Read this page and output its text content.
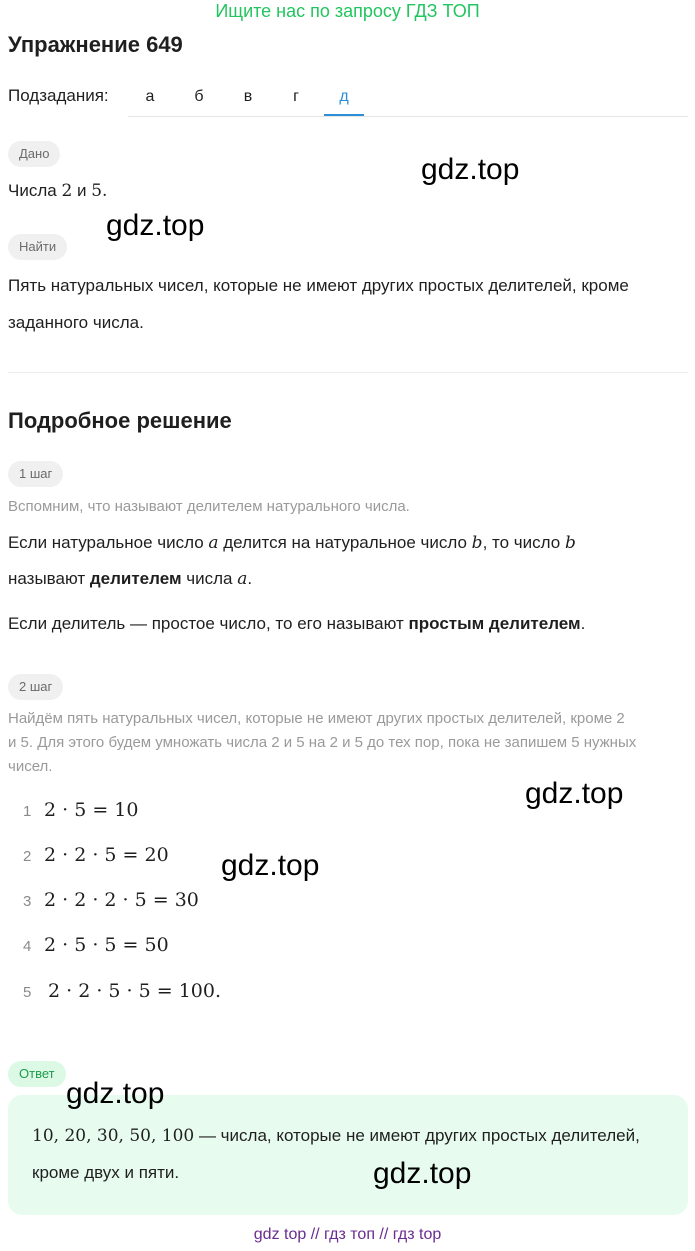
Ищите нас по запросу ГДЗ ТОП
Упражнение 649
Подзадания:	а	б	в	г	д
Дано
Числа 2 и 5.
Найти
Пять натуральных чисел, которые не имеют других простых делителей, кроме
заданного числа.
Подробное решение
1 шаг
Вспомним, что называют делителем натурального числа.
Если натуральное число a делится на натуральное число b, то число b
называют делителем числа a.
Если делитель — простое число, то его называют простым делителем.
2 шаг
Найдём пять натуральных чисел, которые не имеют других простых делителей, кроме 2
и 5. Для этого будем умножать числа 2 и 5 на 2 и 5 до тех пор, пока не запишем 5 нужных
чисел.
1 2 · 5 = 10
2 2 · 2 · 5 = 20
3 2 · 2 · 2 · 5 = 30
4 2 · 5 · 5 = 50
5 2 · 2 · 5 · 5 = 100.
Ответ
10, 20, 30, 50, 100 — числа, которые не имеют других простых делителей,
кроме двух и пяти.
gdz.top
gdz.top
gdz.top
gdz.top
gdz.top
gdz.top
gdz top // гдз топ // гдз top
